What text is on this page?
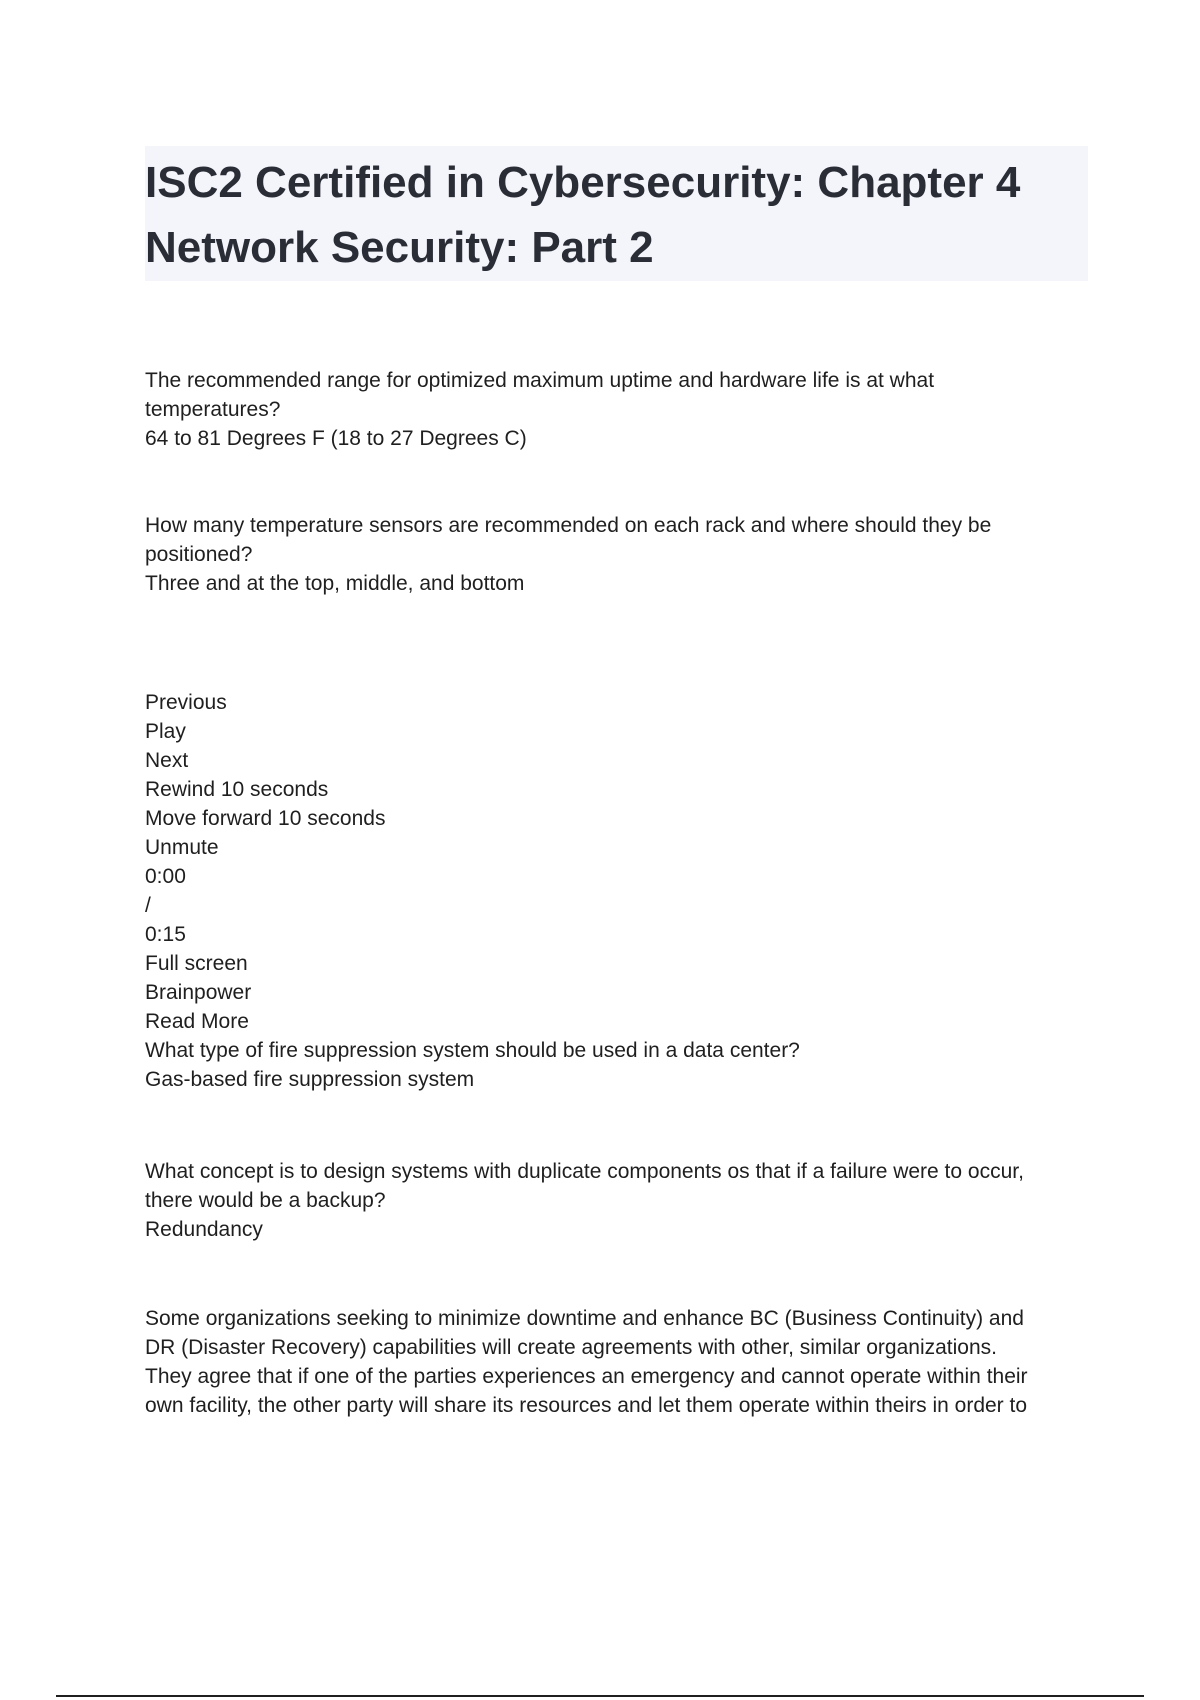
ISC2 Certified in Cybersecurity: Chapter 4
Network Security: Part 2
The recommended range for optimized maximum uptime and hardware life is at what
temperatures?
64 to 81 Degrees F (18 to 27 Degrees C)
How many temperature sensors are recommended on each rack and where should they be
positioned?
Three and at the top, middle, and bottom
Previous
Play
Next
Rewind 10 seconds
Move forward 10 seconds
Unmute
0:00
/
0:15
Full screen
Brainpower
Read More
What type of fire suppression system should be used in a data center?
Gas-based fire suppression system
What concept is to design systems with duplicate components os that if a failure were to occur,
there would be a backup?
Redundancy
Some organizations seeking to minimize downtime and enhance BC (Business Continuity) and
DR (Disaster Recovery) capabilities will create agreements with other, similar organizations.
They agree that if one of the parties experiences an emergency and cannot operate within their
own facility, the other party will share its resources and let them operate within theirs in order to
